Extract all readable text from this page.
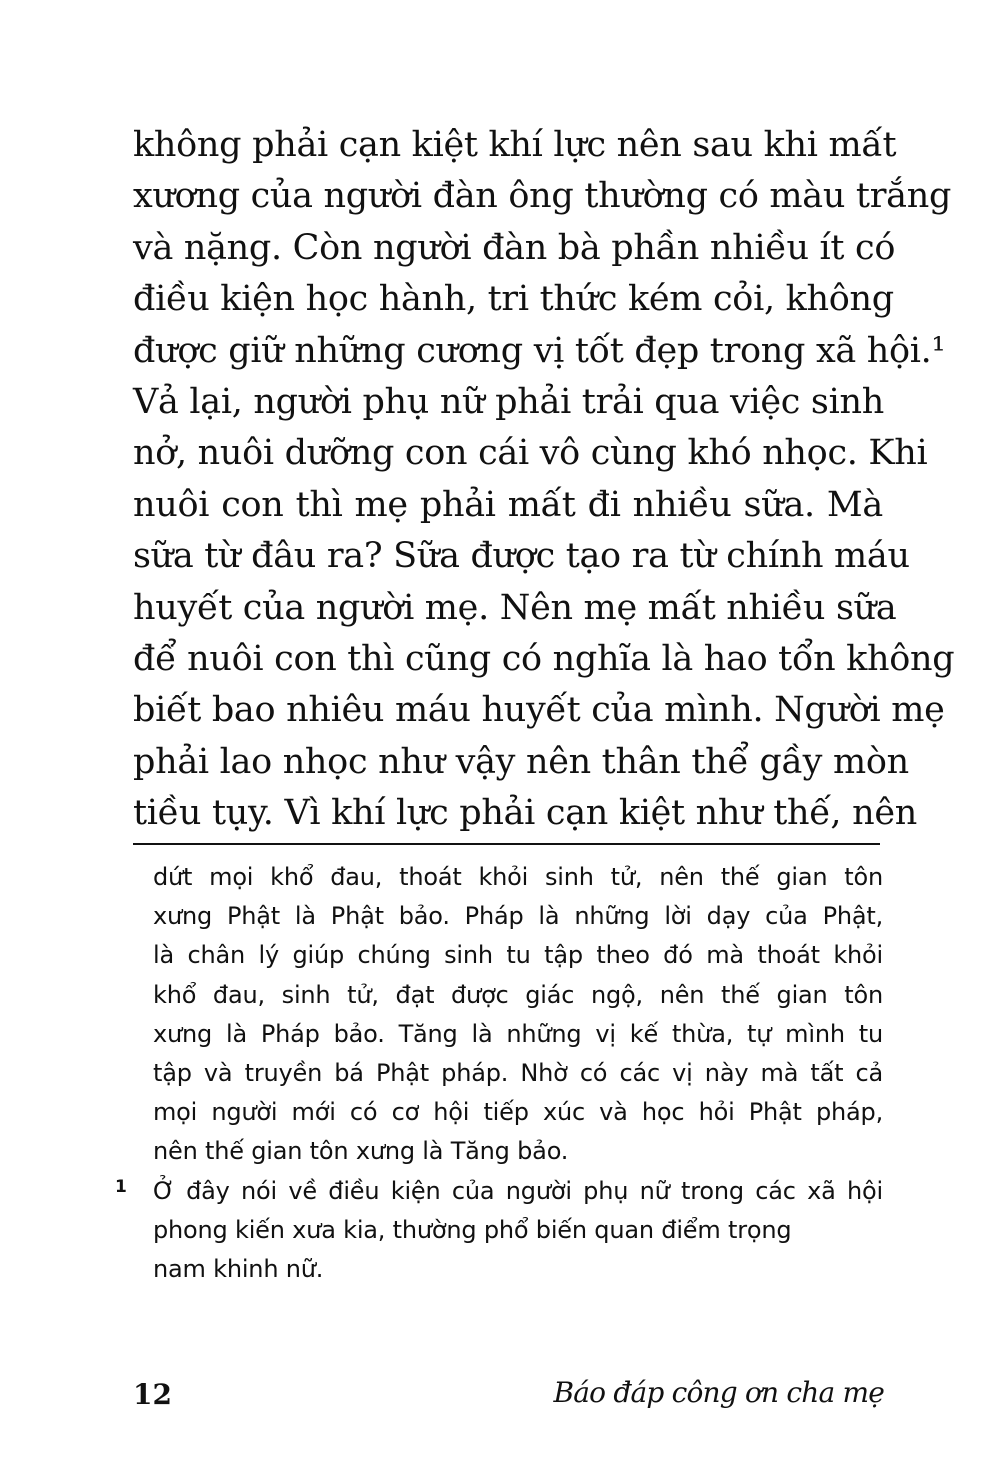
không phải cạn kiệt khí lực nên sau khi mất
xương của người đàn ông thường có màu trắng
và nặng. Còn người đàn bà phần nhiều ít có
điều kiện học hành, tri thức kém cỏi, không
được giữ những cương vị tốt đẹp trong xã hội.¹
Vả lại, người phụ nữ phải trải qua việc sinh
nở, nuôi dưỡng con cái vô cùng khó nhọc. Khi
nuôi con thì mẹ phải mất đi nhiều sữa. Mà
sữa từ đâu ra? Sữa được tạo ra từ chính máu
huyết của người mẹ. Nên mẹ mất nhiều sữa
để nuôi con thì cũng có nghĩa là hao tổn không
biết bao nhiêu máu huyết của mình. Người mẹ
phải lao nhọc như vậy nên thân thể gầy mòn
tiều tụy. Vì khí lực phải cạn kiệt như thế, nên
dứt mọi khổ đau, thoát khỏi sinh tử, nên thế gian tôn
xưng Phật là Phật bảo. Pháp là những lời dạy của Phật,
là chân lý giúp chúng sinh tu tập theo đó mà thoát khỏi
khổ đau, sinh tử, đạt được giác ngộ, nên thế gian tôn
xưng là Pháp bảo. Tăng là những vị kế thừa, tự mình tu
tập và truyền bá Phật pháp. Nhờ có các vị này mà tất cả
mọi người mới có cơ hội tiếp xúc và học hỏi Phật pháp,
nên thế gian tôn xưng là Tăng bảo.
1 Ở đây nói về điều kiện của người phụ nữ trong các xã hội
phong kiến xưa kia, thường phổ biến quan điểm trọng
nam khinh nữ.
12	Báo đáp công ơn cha mẹ
